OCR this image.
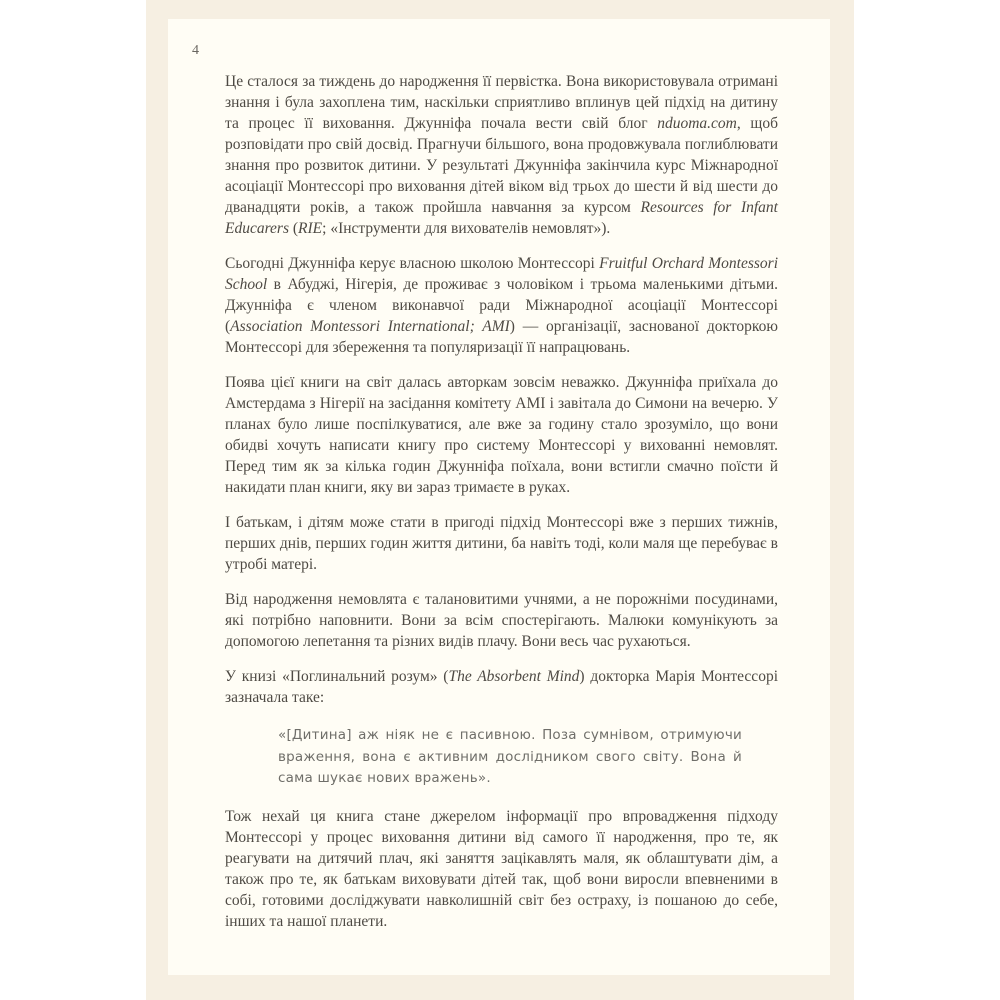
4

Це сталося за тиждень до народження її первістка. Вона використовувала отримані знання і була захоплена тим, наскільки сприятливо вплинув цей підхід на дитину та процес її виховання. Джунніфа почала вести свій блог nduoma.com, щоб розповідати про свій досвід. Прагнучи більшого, вона продовжувала поглиблювати знання про розвиток дитини. У результаті Джунніфа закінчила курс Міжнародної асоціації Монтессорі про виховання дітей віком від трьох до шести й від шести до дванадцяти років, а також пройшла навчання за курсом Resources for Infant Educarers (RIE; «Інструменти для вихователів немовлят»).

Сьогодні Джунніфа керує власною школою Монтессорі Fruitful Orchard Montessori School в Абуджі, Нігерія, де проживає з чоловіком і трьома маленькими дітьми. Джунніфа є членом виконавчої ради Міжнародної асоціації Монтессорі (Association Montessori International; AMI) — організації, заснованої докторкою Монтессорі для збереження та популяризації її напрацювань.

Поява цієї книги на світ далась авторкам зовсім неважко. Джунніфа приїхала до Амстердама з Нігерії на засідання комітету AMI і завітала до Симони на вечерю. У планах було лише поспілкуватися, але вже за годину стало зрозуміло, що вони обидві хочуть написати книгу про систему Монтессорі у вихованні немовлят. Перед тим як за кілька годин Джунніфа поїхала, вони встигли смачно поїсти й накидати план книги, яку ви зараз тримаєте в руках.

І батькам, і дітям може стати в пригоді підхід Монтессорі вже з перших тижнів, перших днів, перших годин життя дитини, ба навіть тоді, коли маля ще перебуває в утробі матері.

Від народження немовлята є талановитими учнями, а не порожніми посудинами, які потрібно наповнити. Вони за всім спостерігають. Малюки комунікують за допомогою лепетання та різних видів плачу. Вони весь час рухаються.

У книзі «Поглинальний розум» (The Absorbent Mind) докторка Марія Монтессорі зазначала таке:

«[Дитина] аж ніяк не є пасивною. Поза сумнівом, отримуючи враження, вона є активним дослідником свого світу. Вона й сама шукає нових вражень».

Тож нехай ця книга стане джерелом інформації про впровадження підходу Монтессорі у процес виховання дитини від самого її народження, про те, як реагувати на дитячий плач, які заняття зацікавлять маля, як облаштувати дім, а також про те, як батькам виховувати дітей так, щоб вони виросли впевненими в собі, готовими досліджувати навколишній світ без остраху, із пошаною до себе, інших та нашої планети.
